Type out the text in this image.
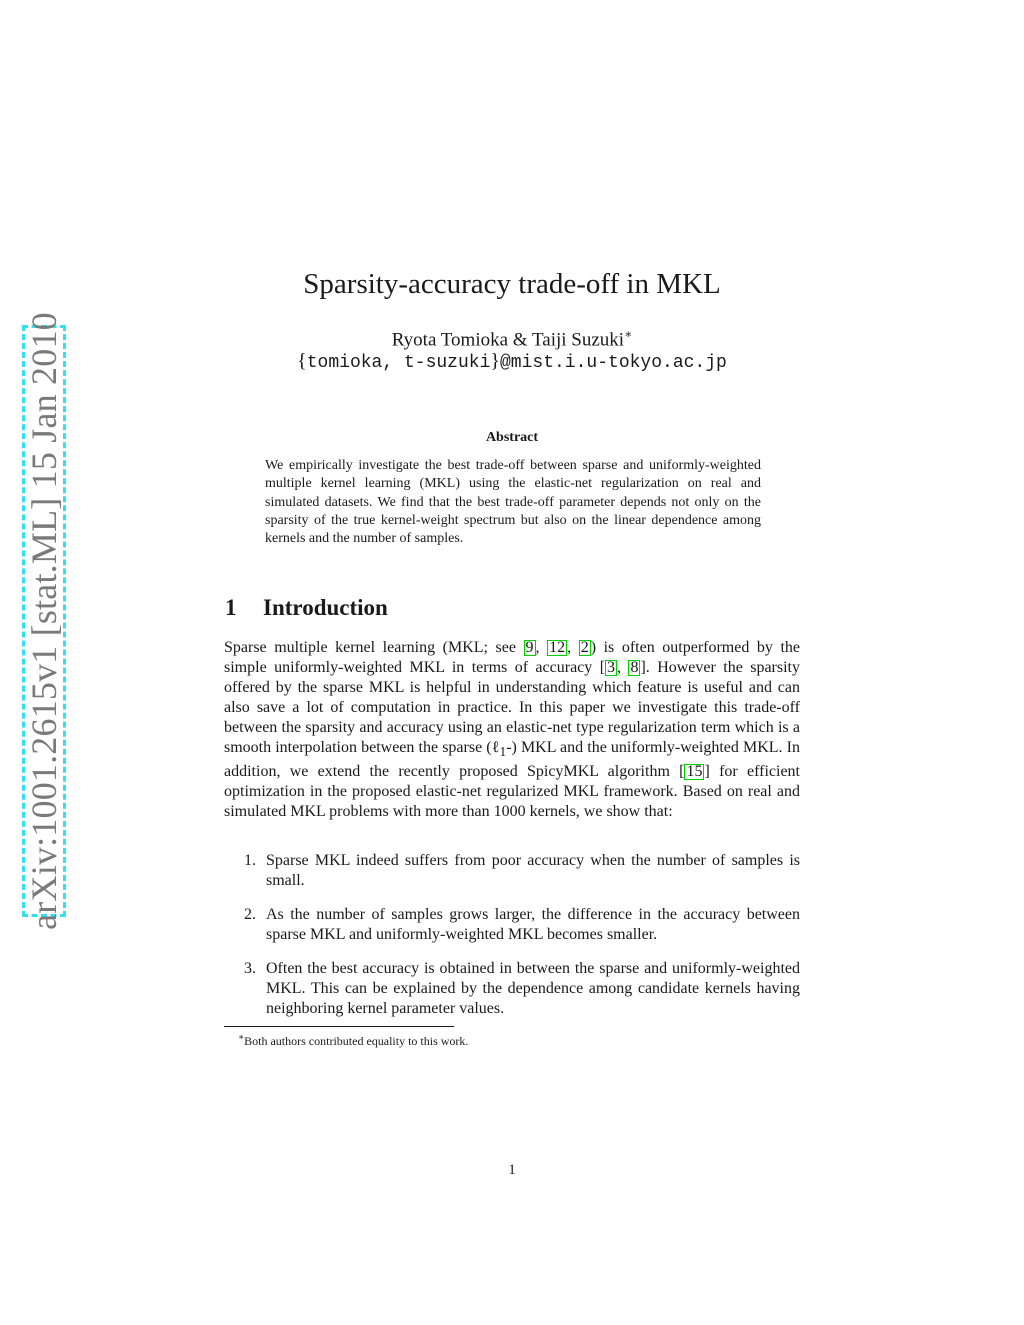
arXiv:1001.2615v1 [stat.ML] 15 Jan 2010
Sparsity-accuracy trade-off in MKL
Ryota Tomioka & Taiji Suzuki∗
{tomioka, t-suzuki}@mist.i.u-tokyo.ac.jp
Abstract
We empirically investigate the best trade-off between sparse and uniformly-weighted multiple kernel learning (MKL) using the elastic-net regularization on real and simulated datasets. We find that the best trade-off parameter depends not only on the sparsity of the true kernel-weight spectrum but also on the linear dependence among kernels and the number of samples.
1 Introduction
Sparse multiple kernel learning (MKL; see 9 , 12 , 2 ) is often outperformed by the simple uniformly-weighted MKL in terms of accuracy [ 3 , 8 ]. However the sparsity offered by the sparse MKL is helpful in understanding which feature is useful and can also save a lot of computation in practice. In this paper we investigate this trade-off between the sparsity and accuracy using an elastic-net type regularization term which is a smooth interpolation between the sparse (ℓ$_1$-) MKL and the uniformly-weighted MKL. In addition, we extend the recently proposed SpicyMKL algorithm [ 15 ] for efficient optimization in the proposed elastic-net regularized MKL framework. Based on real and simulated MKL problems with more than 1000 kernels, we show that:
1. Sparse MKL indeed suffers from poor accuracy when the number of samples is small.
2. As the number of samples grows larger, the difference in the accuracy between sparse MKL and uniformly-weighted MKL becomes smaller.
3. Often the best accuracy is obtained in between the sparse and uniformly-weighted MKL. This can be explained by the dependence among candidate kernels having neighboring kernel parameter values.
∗Both authors contributed equality to this work.
1
